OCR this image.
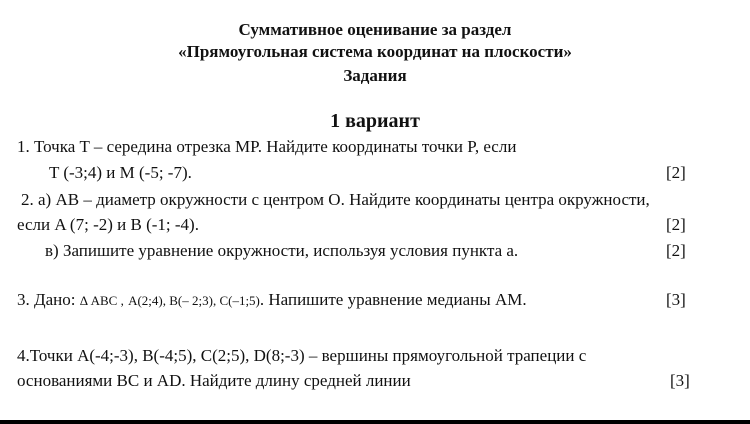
Суммативное оценивание за раздел
«Прямоугольная система координат на плоскости»
Задания
1 вариант
1. Точка T – середина отрезка MP. Найдите координаты точки P, если
T (-3;4) и M (-5; -7).	[2]
2. а) AB – диаметр окружности с центром O. Найдите координаты центра окружности,
если A (7; -2) и B (-1; -4).	[2]
в) Запишите уравнение окружности, используя условия пункта а.	[2]
3. Дано: Δ ABC , A(2;4), B(– 2;3), C(–1;5). Напишите уравнение медианы АМ.	[3]
4.Точки A(-4;-3), B(-4;5), C(2;5), D(8;-3) – вершины прямоугольной трапеции с
основаниями BC и AD. Найдите длину средней линии	[3]
